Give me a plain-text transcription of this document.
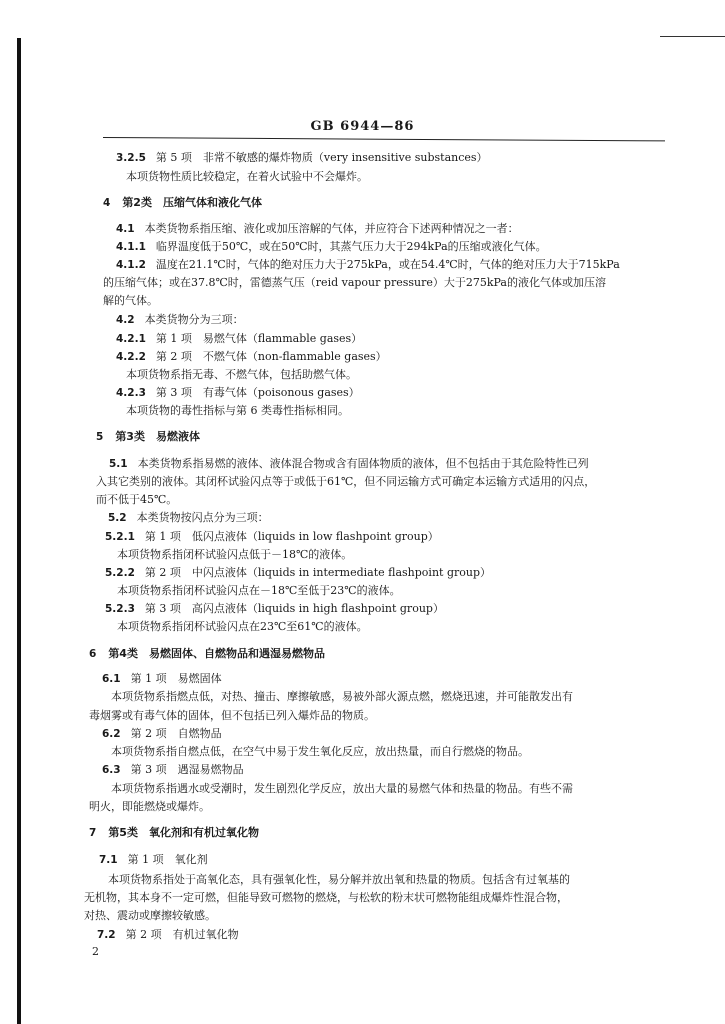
GB 6944—86
3.2.5 第 5 项　非常不敏感的爆炸物质（very insensitive substances）
本项货物性质比较稳定，在着火试验中不会爆炸。
4 第2类　压缩气体和液化气体
4.1 本类货物系指压缩、液化或加压溶解的气体，并应符合下述两种情况之一者：
4.1.1 临界温度低于50℃，或在50℃时，其蒸气压力大于294kPa的压缩或液化气体。
4.1.2 温度在21.1℃时，气体的绝对压力大于275kPa，或在54.4℃时，气体的绝对压力大于715kPa
的压缩气体；或在37.8℃时，雷德蒸气压（reid vapour pressure）大于275kPa的液化气体或加压溶
解的气体。
4.2 本类货物分为三项：
4.2.1 第 1 项　易燃气体（flammable gases）
4.2.2 第 2 项　不燃气体（non-flammable gases）
本项货物系指无毒、不燃气体，包括助燃气体。
4.2.3 第 3 项　有毒气体（poisonous gases）
本项货物的毒性指标与第 6 类毒性指标相同。
5 第3类　易燃液体
5.1 本类货物系指易燃的液体、液体混合物或含有固体物质的液体，但不包括由于其危险特性已列
入其它类别的液体。其闭杯试验闪点等于或低于61℃，但不同运输方式可确定本运输方式适用的闪点，
而不低于45℃。
5.2 本类货物按闪点分为三项：
5.2.1 第 1 项　低闪点液体（liquids in low flashpoint group）
本项货物系指闭杯试验闪点低于－18℃的液体。
5.2.2 第 2 项　中闪点液体（liquids in intermediate flashpoint group）
本项货物系指闭杯试验闪点在－18℃至低于23℃的液体。
5.2.3 第 3 项　高闪点液体（liquids in high flashpoint group）
本项货物系指闭杯试验闪点在23℃至61℃的液体。
6 第4类　易燃固体、自燃物品和遇湿易燃物品
6.1 第 1 项　易燃固体
本项货物系指燃点低，对热、撞击、摩擦敏感，易被外部火源点燃，燃烧迅速，并可能散发出有
毒烟雾或有毒气体的固体，但不包括已列入爆炸品的物质。
6.2 第 2 项　自燃物品
本项货物系指自燃点低，在空气中易于发生氧化反应，放出热量，而自行燃烧的物品。
6.3 第 3 项　遇湿易燃物品
本项货物系指遇水或受潮时，发生剧烈化学反应，放出大量的易燃气体和热量的物品。有些不需
明火，即能燃烧或爆炸。
7 第5类　氧化剂和有机过氧化物
7.1 第 1 项　氧化剂
本项货物系指处于高氧化态，具有强氧化性，易分解并放出氧和热量的物质。包括含有过氧基的
无机物，其本身不一定可燃，但能导致可燃物的燃烧，与松软的粉末状可燃物能组成爆炸性混合物，
对热、震动或摩擦较敏感。
7.2 第 2 项　有机过氧化物
2
